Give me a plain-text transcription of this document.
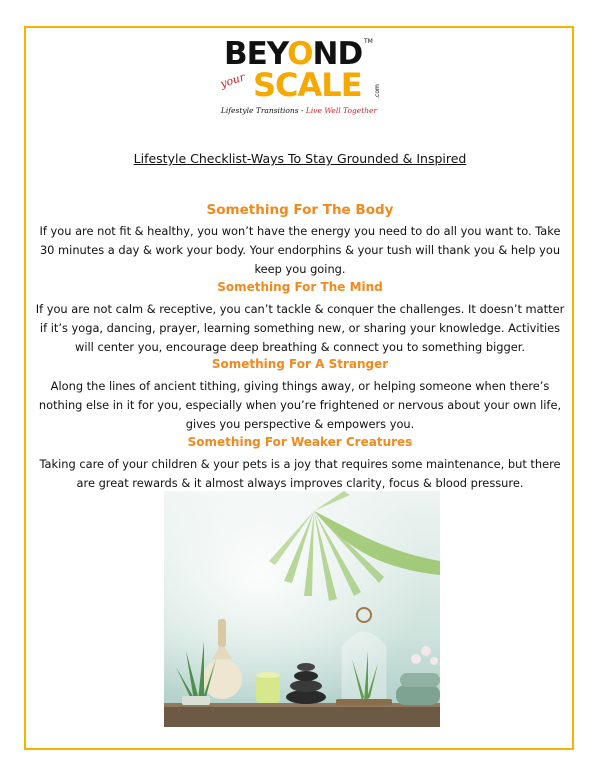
BEYOND TM
your SCALE .com
Lifestyle Transitions - Live Well Together
Lifestyle Checklist-Ways To Stay Grounded & Inspired
Something For The Body
If you are not fit & healthy, you won’t have the energy you need to do all you want to. Take 30 minutes a day & work your body. Your endorphins & your tush will thank you & help you keep you going.
Something For The Mind
If you are not calm & receptive, you can’t tackle & conquer the challenges. It doesn’t matter if it’s yoga, dancing, prayer, learning something new, or sharing your knowledge. Activities will center you, encourage deep breathing & connect you to something bigger.
Something For A Stranger
Along the lines of ancient tithing, giving things away, or helping someone when there’s nothing else in it for you, especially when you’re frightened or nervous about your own life, gives you perspective & empowers you.
Something For Weaker Creatures
Taking care of your children & your pets is a joy that requires some maintenance, but there are great rewards & it almost always improves clarity, focus & blood pressure.
